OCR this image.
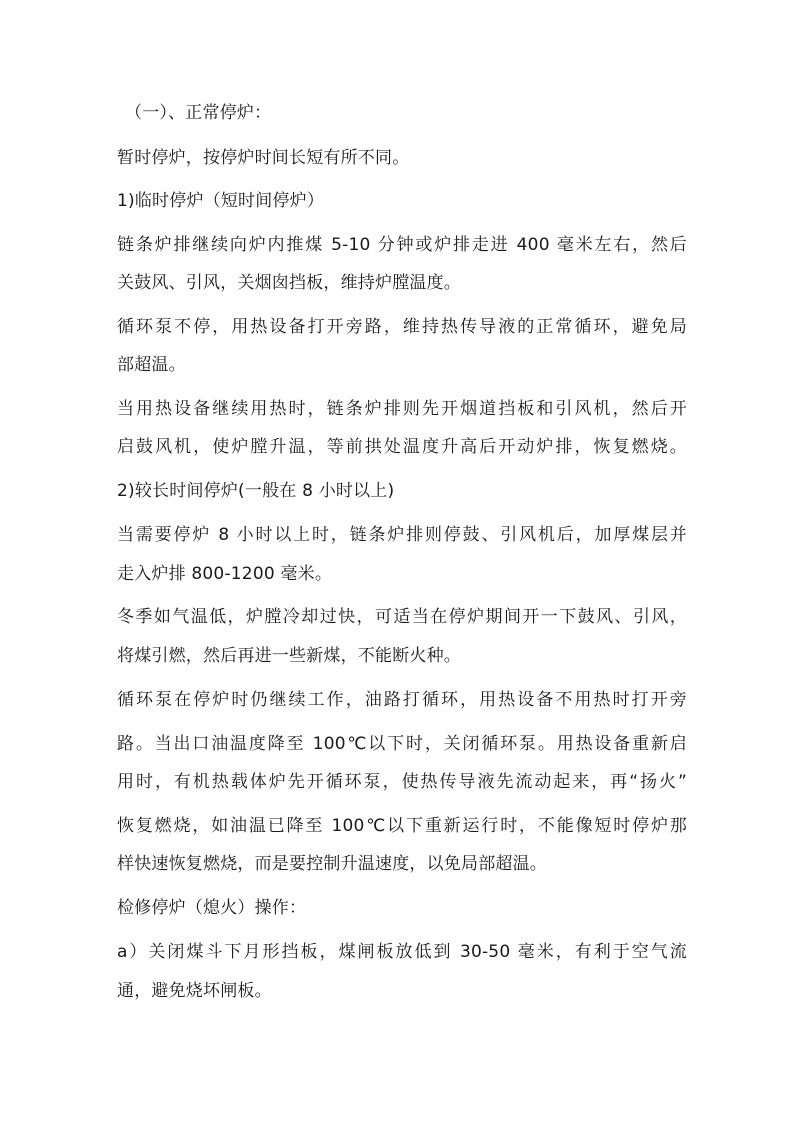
（一）、正常停炉：
暂时停炉，按停炉时间长短有所不同。
1)临时停炉（短时间停炉）
链条炉排继续向炉内推煤 5-10 分钟或炉排走进 400 毫米左右，然后
关鼓风、引风，关烟囱挡板，维持炉膛温度。
循环泵不停，用热设备打开旁路，维持热传导液的正常循环，避免局
部超温。
当用热设备继续用热时，链条炉排则先开烟道挡板和引风机，然后开
启鼓风机，使炉膛升温，等前拱处温度升高后开动炉排，恢复燃烧。
2)较长时间停炉(一般在 8 小时以上)
当需要停炉 8 小时以上时，链条炉排则停鼓、引风机后，加厚煤层并
走入炉排 800-1200 毫米。
冬季如气温低，炉膛冷却过快，可适当在停炉期间开一下鼓风、引风，
将煤引燃，然后再进一些新煤，不能断火种。
循环泵在停炉时仍继续工作，油路打循环，用热设备不用热时打开旁
路。当出口油温度降至 100℃以下时，关闭循环泵。用热设备重新启
用时，有机热载体炉先开循环泵，使热传导液先流动起来，再“扬火”
恢复燃烧，如油温已降至 100℃以下重新运行时，不能像短时停炉那
样快速恢复燃烧，而是要控制升温速度，以免局部超温。
检修停炉（熄火）操作：
a）关闭煤斗下月形挡板，煤闸板放低到 30-50 毫米，有利于空气流
通，避免烧坏闸板。
